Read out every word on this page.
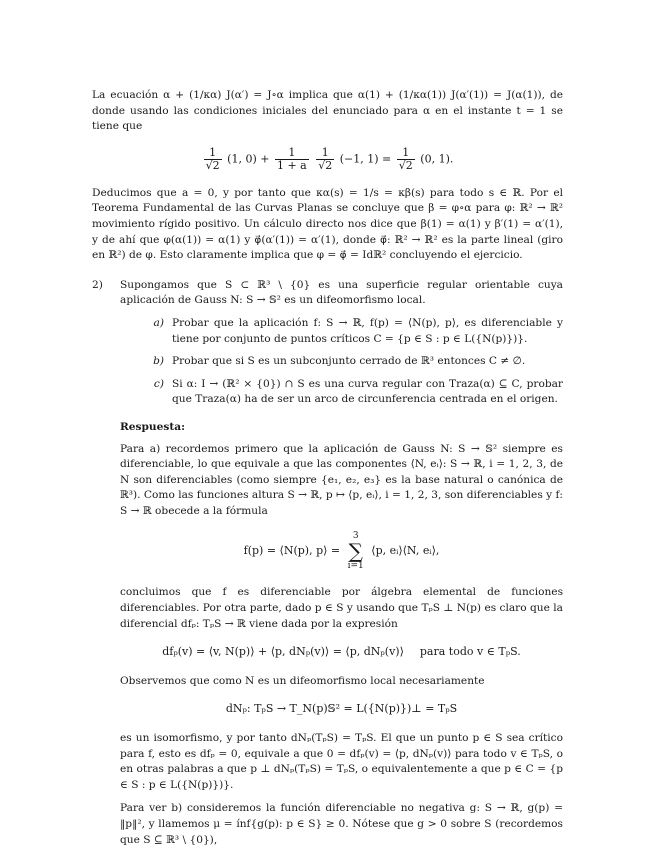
La ecuación α + (1/κα) J(α′) = J∘α implica que α(1) + (1/κα(1)) J(α′(1)) = J(α(1)), de donde usando las condiciones iniciales del enunciado para α en el instante t = 1 se tiene que

$\frac{1}{√2} (1$, $0) + \frac{1}{1 + a}$
$\frac{1}{√2} (-1$, $1) = \frac{1}{√2} (0$, 1).

Deducimos que a = 0, y por tanto que κα(s) = 1/s = κβ(s) para todo s ∈ ℝ. Por el Teorema Fundamental de las Curvas Planas se concluye que β = φ∘α para φ: ℝ² → ℝ² movimiento rígido positivo. Un cálculo directo nos dice que β(1) = α(1) y β′(1) = α′(1), y de ahí que φ(α(1)) = α(1) y φ⃗(α′(1)) = α′(1), donde φ⃗: ℝ² → ℝ² es la parte lineal (giro en ℝ²) de φ. Esto claramente implica que φ = φ⃗ = Idℝ² concluyendo el ejercicio.

2)	Supongamos que S ⊂ ℝ³ \ {0} es una superficie regular orientable cuya aplicación de Gauss N: S → 𝕊² es un difeomorfismo local.

a) Probar que la aplicación f: S → ℝ, f(p) = ⟨N(p), p⟩, es diferenciable y tiene por conjunto de puntos críticos C = {p ∈ S : p ∈ L({N(p)})}.

b) Probar que si S es un subconjunto cerrado de ℝ³ entonces C ≠ ∅.

c) Si α: I → (ℝ² × {0}) ∩ S es una curva regular con Traza(α) ⊆ C, probar que Traza(α) ha de ser un arco de circunferencia centrada en el origen.

Respuesta:

Para a) recordemos primero que la aplicación de Gauss N: S → 𝕊² siempre es diferenciable, lo que equivale a que las componentes ⟨N, eᵢ⟩: S → ℝ, i = 1, 2, 3, de N son diferenciables (como siempre {e₁, e₂, e₃} es la base natural o canónica de ℝ³). Como las funciones altura S → ℝ, p ↦ ⟨p, eᵢ⟩, i = 1, 2, 3, son diferenciables y f: S → ℝ obecede a la fórmula

f(p) = ⟨N(p), p⟩ = 3
∑
i=1 ⟨p, eᵢ⟩⟨N, eᵢ⟩,

concluimos que f es diferenciable por álgebra elemental de funciones diferenciables. Por otra parte, dado p ∈ S y usando que TₚS ⊥ N(p) es claro que la diferencial dfₚ: TₚS → ℝ viene dada por la expresión

dfₚ(v) = ⟨v, N(p)⟩ + ⟨p, dNₚ(v)⟩ = ⟨p, dNₚ(v)⟩ para todo v ∈ TₚS.

Observemos que como N es un difeomorfismo local necesariamente

dNₚ: TₚS → T_N(p)𝕊² = L({N(p)})⊥ = TₚS

es un isomorfismo, y por tanto dNₚ(TₚS) = TₚS. El que un punto p ∈ S sea crítico para f, esto es dfₚ = 0, equivale a que 0 = dfₚ(v) = ⟨p, dNₚ(v)⟩ para todo v ∈ TₚS, o en otras palabras a que p ⊥ dNₚ(TₚS) = TₚS, o equivalentemente a que p ∈ C = {p ∈ S : p ∈ L({N(p)})}.

Para ver b) consideremos la función diferenciable no negativa g: S → ℝ, g(p) = ‖p‖², y llamemos μ = ínf{g(p): p ∈ S} ≥ 0. Nótese que g > 0 sobre S (recordemos que S ⊆ ℝ³ \ {0}),
